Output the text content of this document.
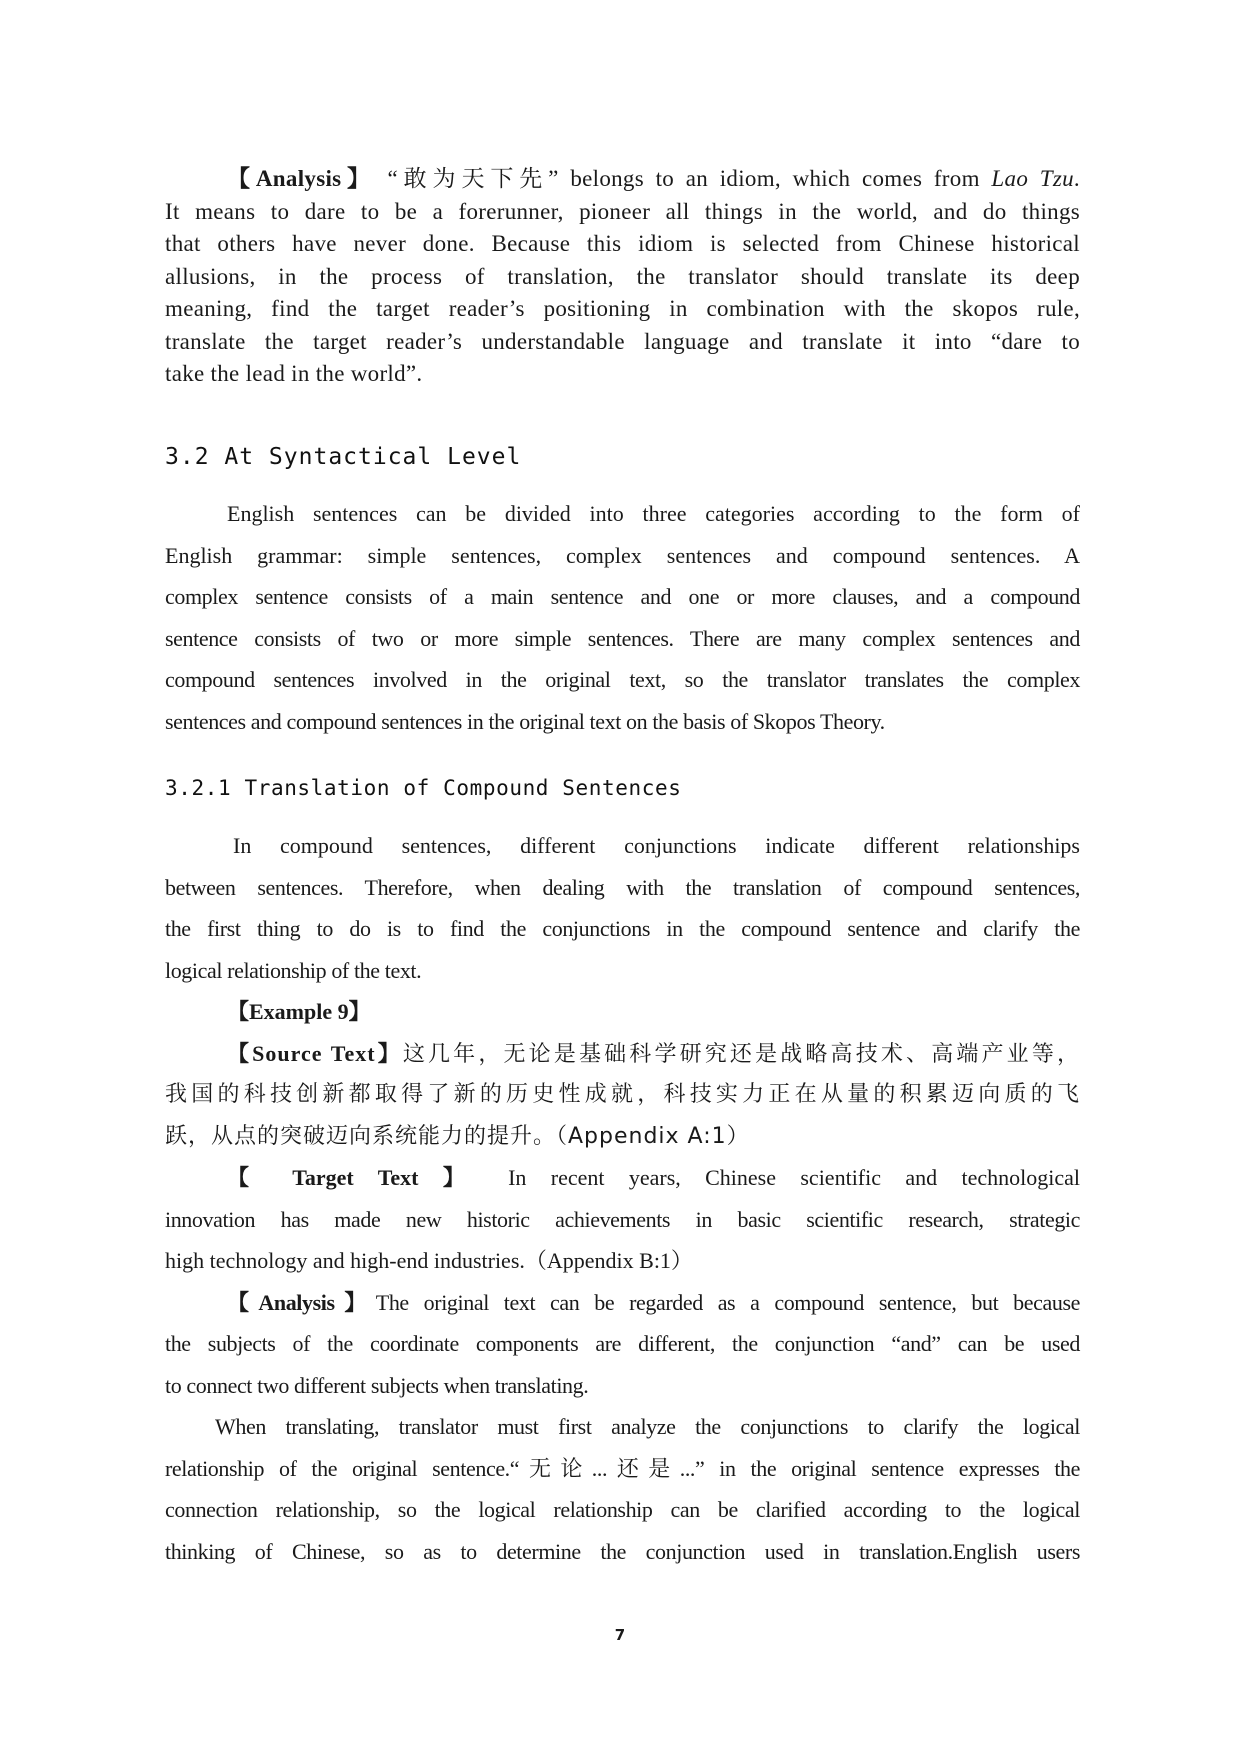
【Analysis】 “敢为天下先” belongs to an idiom, which comes from Lao Tzu.
It means to dare to be a forerunner, pioneer all things in the world, and do things
that others have never done. Because this idiom is selected from Chinese historical
allusions, in the process of translation, the translator should translate its deep
meaning, find the target reader’s positioning in combination with the skopos rule,
translate the target reader’s understandable language and translate it into “dare to
take the lead in the world”.
3.2 At Syntactical Level
English sentences can be divided into three categories according to the form of
English grammar: simple sentences, complex sentences and compound sentences. A
complex sentence consists of a main sentence and one or more clauses, and a compound
sentence consists of two or more simple sentences. There are many complex sentences and
compound sentences involved in the original text, so the translator translates the complex
sentences and compound sentences in the original text on the basis of Skopos Theory.
3.2.1 Translation of Compound Sentences
In compound sentences, different conjunctions indicate different relationships
between sentences. Therefore, when dealing with the translation of compound sentences,
the first thing to do is to find the conjunctions in the compound sentence and clarify the
logical relationship of the text.
【Example 9】
【Source Text】这几年，无论是基础科学研究还是战略高技术、高端产业等，
我国的科技创新都取得了新的历史性成就，科技实力正在从量的积累迈向质的飞
跃，从点的突破迈向系统能力的提升。（Appendix A:1）
【 Target Text 】 In recent years, Chinese scientific and technological
innovation has made new historic achievements in basic scientific research, strategic
high technology and high-end industries.（Appendix B:1）
【Analysis】The original text can be regarded as a compound sentence, but because
the subjects of the coordinate components are different, the conjunction “and” can be used
to connect two different subjects when translating.
When translating, translator must first analyze the conjunctions to clarify the logical
relationship of the original sentence.“无论...还是...” in the original sentence expresses the
connection relationship, so the logical relationship can be clarified according to the logical
thinking of Chinese, so as to determine the conjunction used in translation.English users
7
